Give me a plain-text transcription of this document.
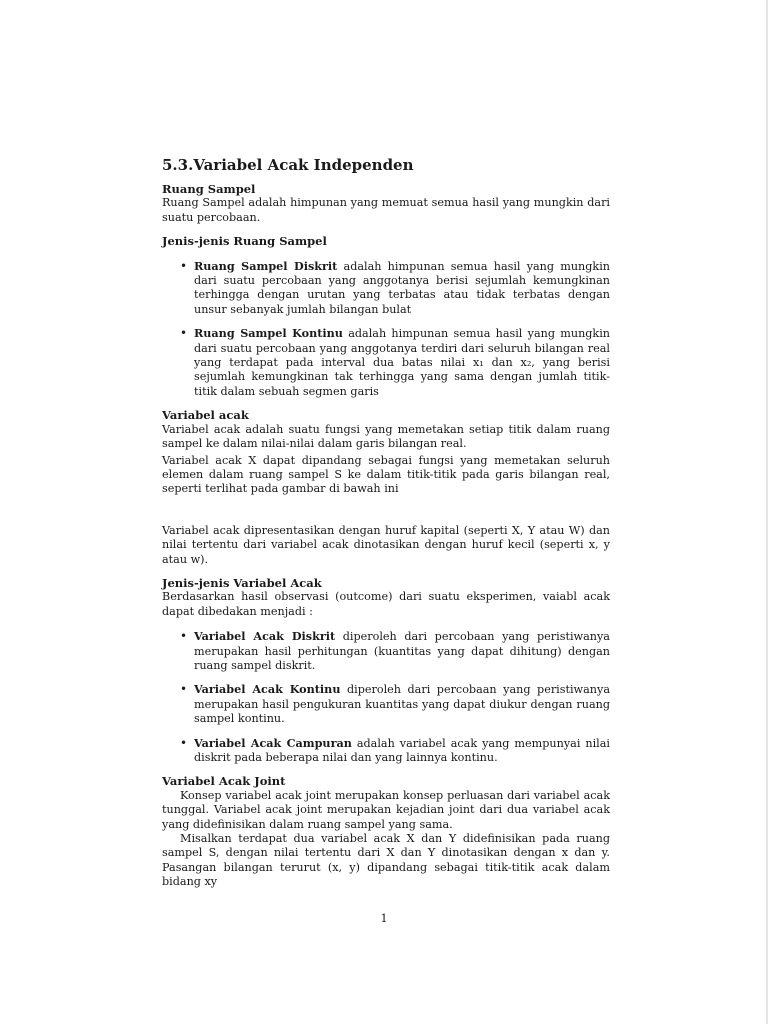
5.3.Variabel Acak Independen
Ruang Sampel

Ruang Sampel adalah himpunan yang memuat semua hasil yang mungkin dari suatu percobaan.

Jenis-jenis Ruang Sampel
• Ruang Sampel Diskrit adalah himpunan semua hasil yang mungkin dari suatu percobaan yang anggotanya berisi sejumlah kemungkinan terhingga dengan urutan yang terbatas atau tidak terbatas dengan unsur sebanyak jumlah bilangan bulat
• Ruang Sampel Kontinu adalah himpunan semua hasil yang mungkin dari suatu percobaan yang anggotanya terdiri dari seluruh bilangan real yang terdapat pada interval dua batas nilai x₁ dan x₂, yang berisi sejumlah kemungkinan tak terhingga yang sama dengan jumlah titik-titik dalam sebuah segmen garis
Variabel acak

Variabel acak adalah suatu fungsi yang memetakan setiap titik dalam ruang sampel ke dalam nilai-nilai dalam garis bilangan real.

Variabel acak X dapat dipandang sebagai fungsi yang memetakan seluruh elemen dalam ruang sampel S ke dalam titik-titik pada garis bilangan real, seperti terlihat pada gambar di bawah ini

Variabel acak dipresentasikan dengan huruf kapital (seperti X, Y atau W) dan nilai tertentu dari variabel acak dinotasikan dengan huruf kecil (seperti x, y atau w).

Jenis-jenis Variabel Acak

Berdasarkan hasil observasi (outcome) dari suatu eksperimen, vaiabl acak dapat dibedakan menjadi :

• Variabel Acak Diskrit diperoleh dari percobaan yang peristiwanya merupakan hasil perhitungan (kuantitas yang dapat dihitung) dengan ruang sampel diskrit.
• Variabel Acak Kontinu diperoleh dari percobaan yang peristiwanya merupakan hasil pengukuran kuantitas yang dapat diukur dengan ruang sampel kontinu.
• Variabel Acak Campuran adalah variabel acak yang mempunyai nilai diskrit pada beberapa nilai dan yang lainnya kontinu.
Variabel Acak Joint

Konsep variabel acak joint merupakan konsep perluasan dari variabel acak tunggal. Variabel acak joint merupakan kejadian joint dari dua variabel acak yang didefinisikan dalam ruang sampel yang sama.

Misalkan terdapat dua variabel acak X dan Y didefinisikan pada ruang sampel S, dengan nilai tertentu dari X dan Y dinotasikan dengan x dan y. Pasangan bilangan terurut (x, y) dipandang sebagai titik-titik acak dalam bidang xy

1
